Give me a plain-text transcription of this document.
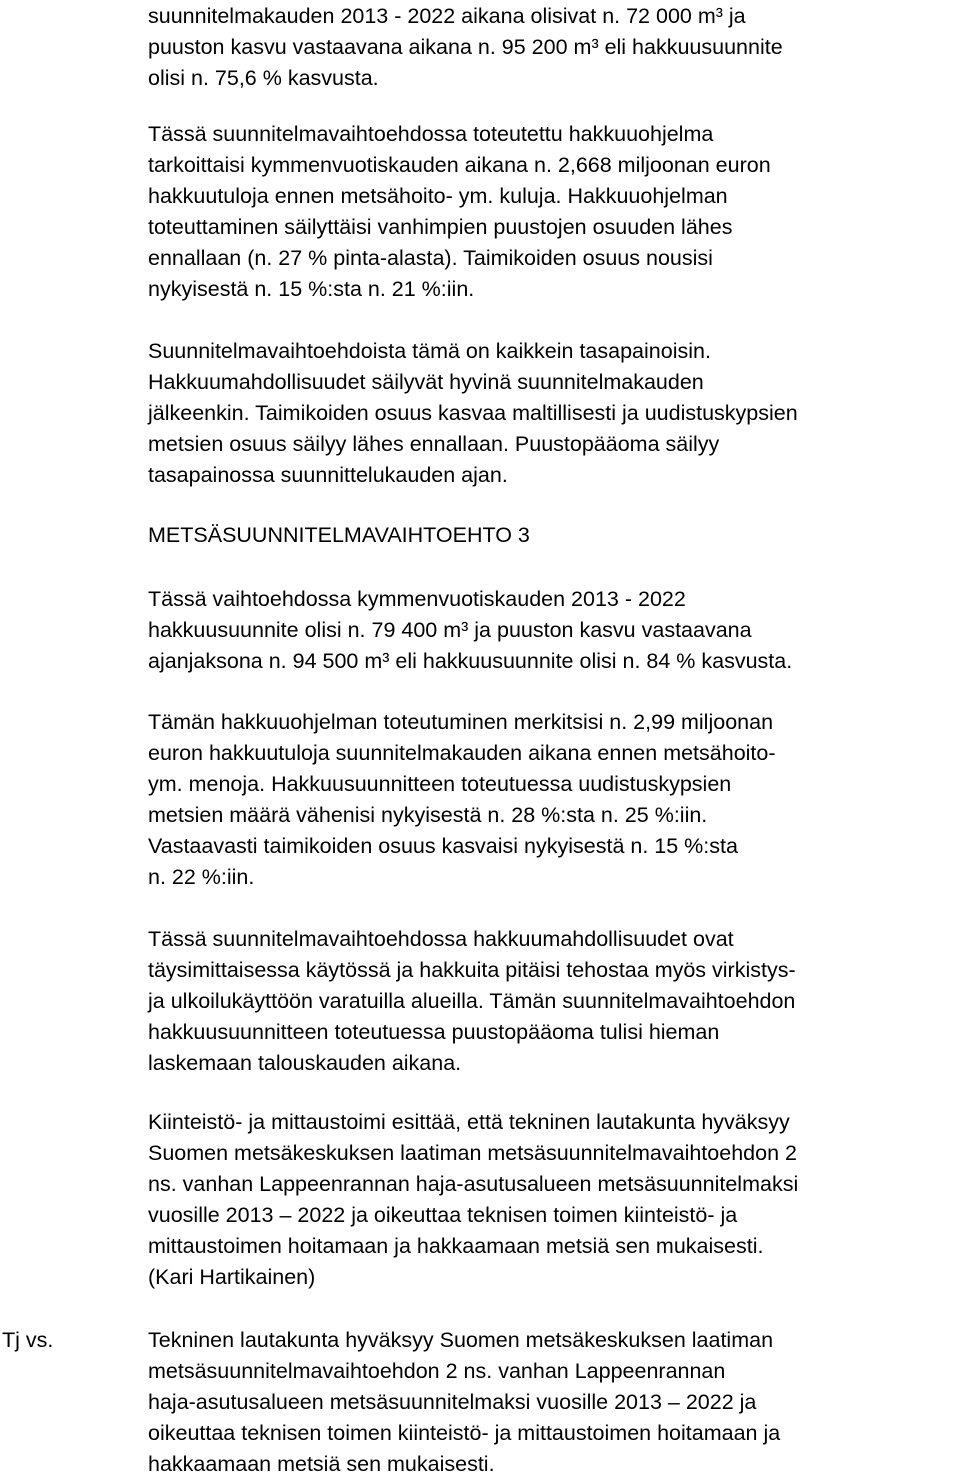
suunnitelmakauden 2013 - 2022 aikana olisivat n. 72 000 m³ ja
puuston kasvu vastaavana aikana n. 95 200 m³ eli hakkuusuunnite
olisi n. 75,6 % kasvusta.
Tässä suunnitelmavaihtoehdossa toteutettu hakkuuohjelma
tarkoittaisi kymmenvuotiskauden aikana n. 2,668 miljoonan euron
hakkuutuloja ennen metsähoito- ym. kuluja. Hakkuuohjelman
toteuttaminen säilyttäisi vanhimpien puustojen osuuden lähes
ennallaan (n. 27 % pinta-alasta). Taimikoiden osuus nousisi
nykyisestä n. 15 %:sta n. 21 %:iin.
Suunnitelmavaihtoehdoista tämä on kaikkein tasapainoisin.
Hakkuumahdollisuudet säilyvät hyvinä suunnitelmakauden
jälkeenkin. Taimikoiden osuus kasvaa maltillisesti ja uudistuskypsien
metsien osuus säilyy lähes ennallaan. Puustopääoma säilyy
tasapainossa suunnittelukauden ajan.
METSÄSUUNNITELMAVAIHTOEHTO 3
Tässä vaihtoehdossa kymmenvuotiskauden 2013 - 2022
hakkuusuunnite olisi n. 79 400 m³ ja puuston kasvu vastaavana
ajanjaksona n. 94 500 m³ eli hakkuusuunnite olisi n. 84 % kasvusta.
Tämän hakkuuohjelman toteutuminen merkitsisi n. 2,99 miljoonan
euron hakkuutuloja suunnitelmakauden aikana ennen metsähoito-
ym. menoja. Hakkuusuunnitteen toteutuessa uudistuskypsien
metsien määrä vähenisi nykyisestä n. 28 %:sta n. 25 %:iin.
Vastaavasti taimikoiden osuus kasvaisi nykyisestä n. 15 %:sta
n. 22 %:iin.
Tässä suunnitelmavaihtoehdossa hakkuumahdollisuudet ovat
täysimittaisessa käytössä ja hakkuita pitäisi tehostaa myös virkistys-
ja ulkoilukäyttöön varatuilla alueilla. Tämän suunnitelmavaihtoehdon
hakkuusuunnitteen toteutuessa puustopääoma tulisi hieman
laskemaan talouskauden aikana.
Kiinteistö- ja mittaustoimi esittää, että tekninen lautakunta hyväksyy
Suomen metsäkeskuksen laatiman metsäsuunnitelmavaihtoehdon 2
ns. vanhan Lappeenrannan haja-asutusalueen metsäsuunnitelmaksi
vuosille 2013 – 2022 ja oikeuttaa teknisen toimen kiinteistö- ja
mittaustoimen hoitamaan ja hakkaamaan metsiä sen mukaisesti.
(Kari Hartikainen)
Tj vs.	Tekninen lautakunta hyväksyy Suomen metsäkeskuksen laatiman
metsäsuunnitelmavaihtoehdon 2 ns. vanhan Lappeenrannan
haja-asutusalueen metsäsuunnitelmaksi vuosille 2013 – 2022 ja
oikeuttaa teknisen toimen kiinteistö- ja mittaustoimen hoitamaan ja
hakkaamaan metsiä sen mukaisesti.
